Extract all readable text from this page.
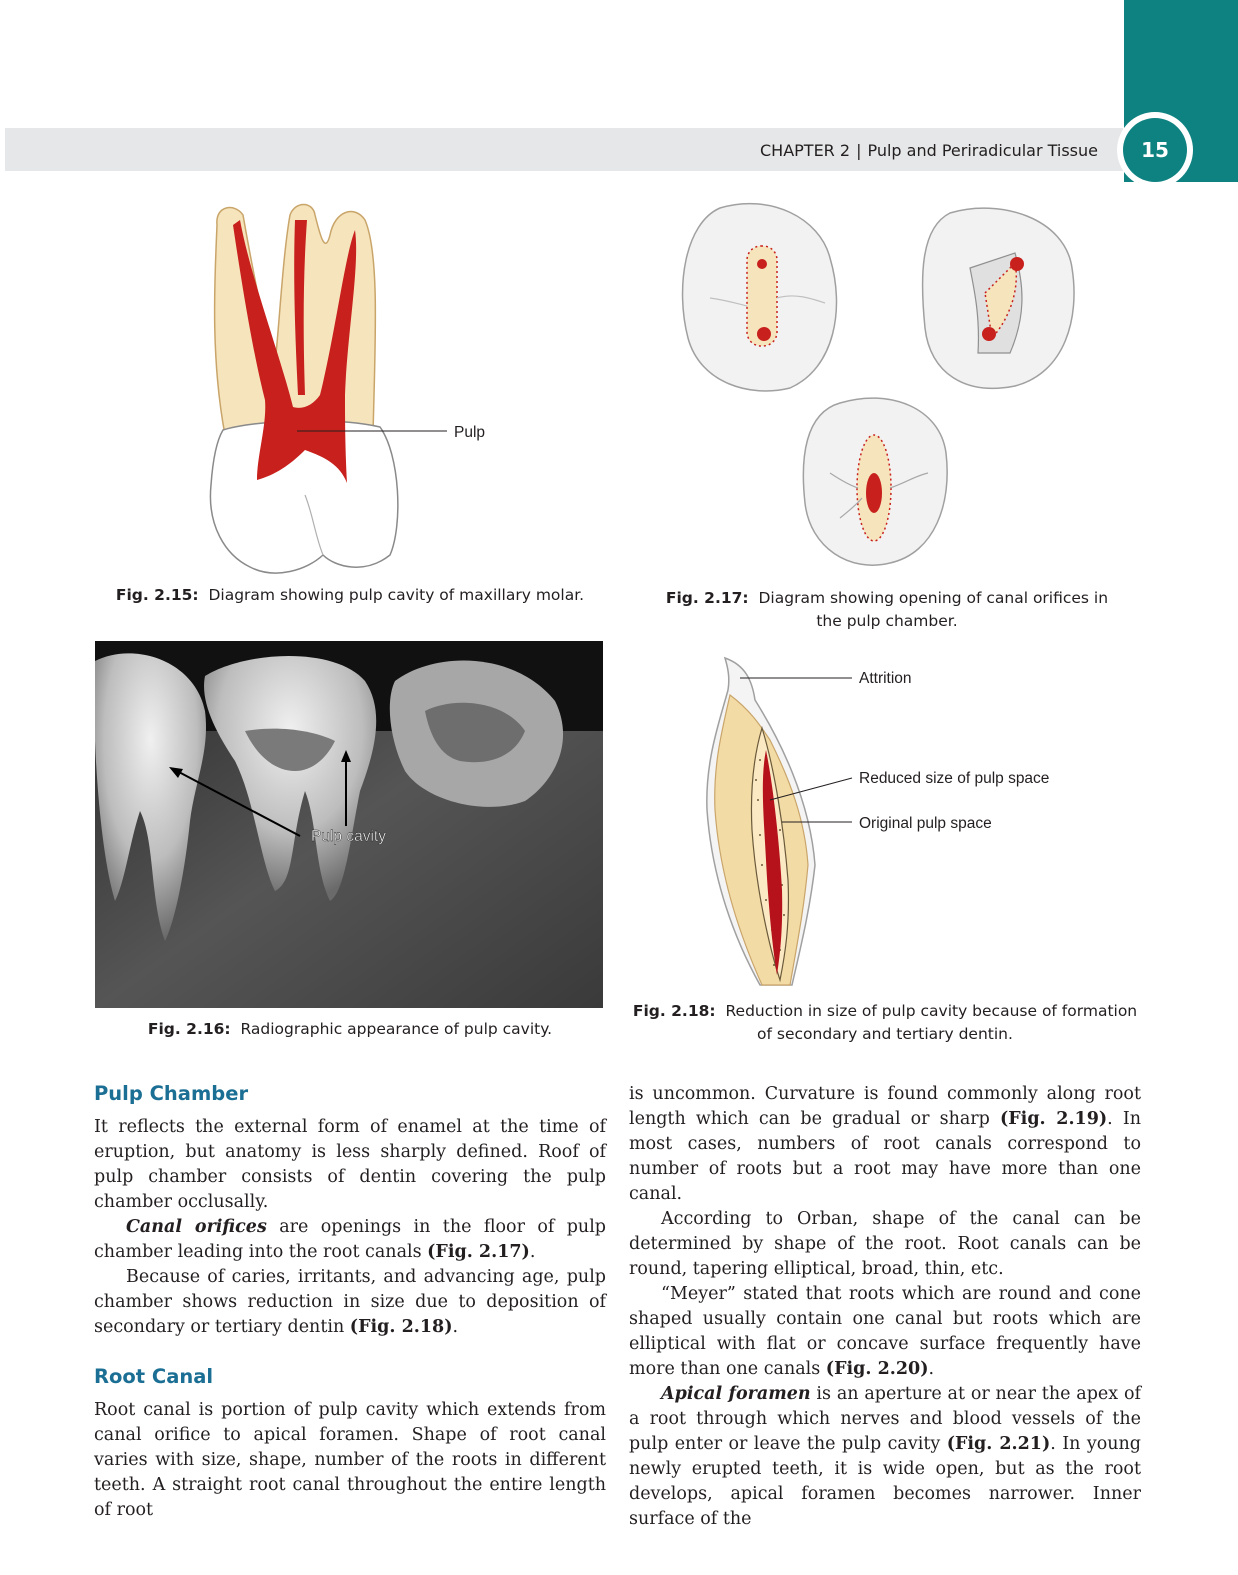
CHAPTER 2 | Pulp and Periradicular Tissue	15
Pulp
Fig. 2.15: Diagram showing pulp cavity of maxillary molar.	Fig. 2.17: Diagram showing opening of canal orifices in
the pulp chamber.
Pulp cavity
Fig. 2.16: Radiographic appearance of pulp cavity.
Attrition
Reduced size of pulp space
Original pulp space
Fig. 2.18: Reduction in size of pulp cavity because of formation
of secondary and tertiary dentin.
Pulp Chamber

It reflects the external form of enamel at the time of eruption, but anatomy is less sharply defined. Roof of pulp chamber consists of dentin covering the pulp chamber occlusally.

Canal orifices are openings in the floor of pulp chamber leading into the root canals (Fig. 2.17).

Because of caries, irritants, and advancing age, pulp chamber shows reduction in size due to deposition of secondary or tertiary dentin (Fig. 2.18).

Root Canal

Root canal is portion of pulp cavity which extends from canal orifice to apical foramen. Shape of root canal varies with size, shape, number of the roots in different teeth. A straight root canal throughout the entire length of root

is uncommon. Curvature is found commonly along root length which can be gradual or sharp (Fig. 2.19). In most cases, numbers of root canals correspond to number of roots but a root may have more than one canal.

According to Orban, shape of the canal can be determined by shape of the root. Root canals can be round, tapering elliptical, broad, thin, etc.

“Meyer” stated that roots which are round and cone shaped usually contain one canal but roots which are elliptical with flat or concave surface frequently have more than one canals (Fig. 2.20).

Apical foramen is an aperture at or near the apex of a root through which nerves and blood vessels of the pulp enter or leave the pulp cavity (Fig. 2.21). In young newly erupted teeth, it is wide open, but as the root develops, apical foramen becomes narrower. Inner surface of the
